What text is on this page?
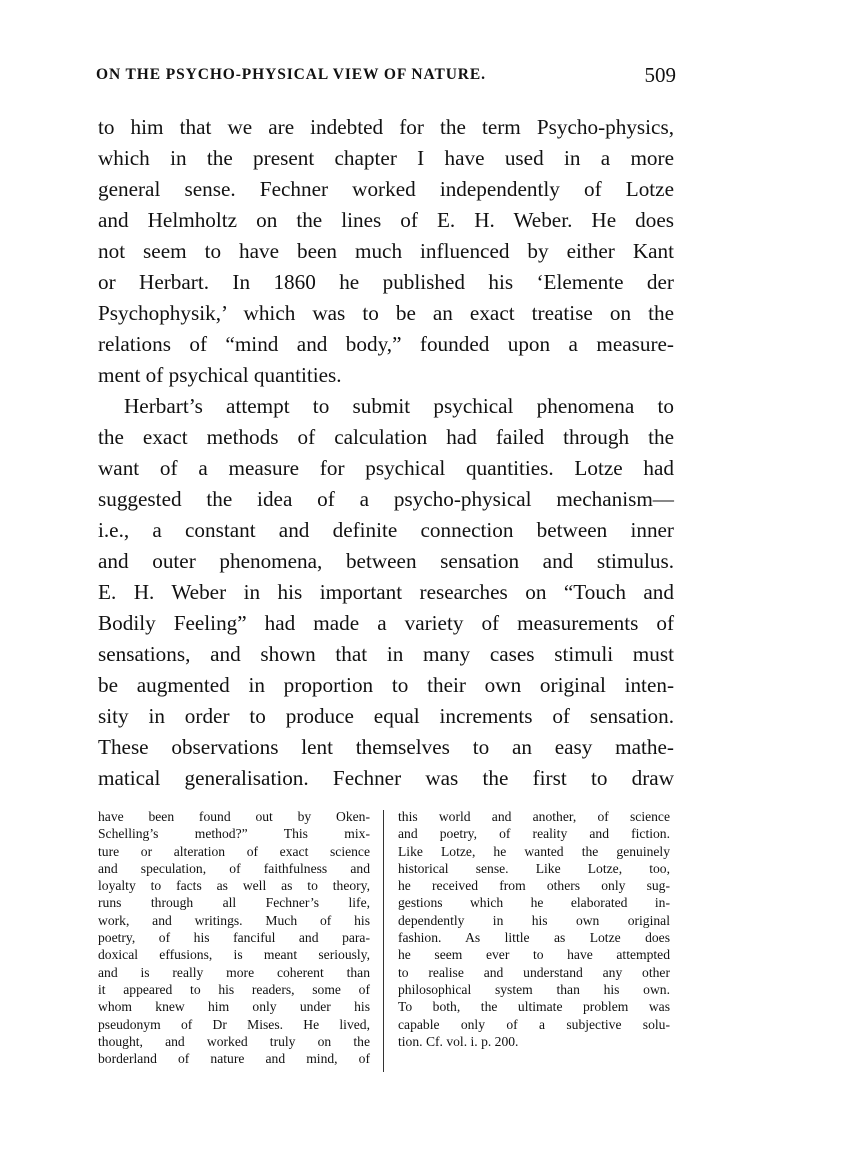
ON THE PSYCHO-PHYSICAL VIEW OF NATURE.	509

to him that we are indebted for the term Psycho-physics,
which in the present chapter I have used in a more
general sense. Fechner worked independently of Lotze
and Helmholtz on the lines of E. H. Weber. He does
not seem to have been much influenced by either Kant
or Herbart. In 1860 he published his ‘Elemente der
Psychophysik,’ which was to be an exact treatise on the
relations of “mind and body,” founded upon a measure-
ment of psychical quantities.

Herbart’s attempt to submit psychical phenomena to
the exact methods of calculation had failed through the
want of a measure for psychical quantities. Lotze had
suggested the idea of a psycho-physical mechanism—
i.e., a constant and definite connection between inner
and outer phenomena, between sensation and stimulus.
E. H. Weber in his important researches on “Touch and
Bodily Feeling” had made a variety of measurements of
sensations, and shown that in many cases stimuli must
be augmented in proportion to their own original inten-
sity in order to produce equal increments of sensation.
These observations lent themselves to an easy mathe-
matical generalisation. Fechner was the first to draw

have been found out by Oken-
Schelling’s method?” This mix-
ture or alteration of exact science
and speculation, of faithfulness and
loyalty to facts as well as to theory,
runs through all Fechner’s life,
work, and writings. Much of his
poetry, of his fanciful and para-
doxical effusions, is meant seriously,
and is really more coherent than
it appeared to his readers, some of
whom knew him only under his
pseudonym of Dr Mises. He lived,
thought, and worked truly on the
borderland of nature and mind, of
this world and another, of science
and poetry, of reality and fiction.
Like Lotze, he wanted the genuinely
historical sense. Like Lotze, too,
he received from others only sug-
gestions which he elaborated in-
dependently in his own original
fashion. As little as Lotze does
he seem ever to have attempted
to realise and understand any other
philosophical system than his own.
To both, the ultimate problem was
capable only of a subjective solu-
tion. Cf. vol. i. p. 200.
